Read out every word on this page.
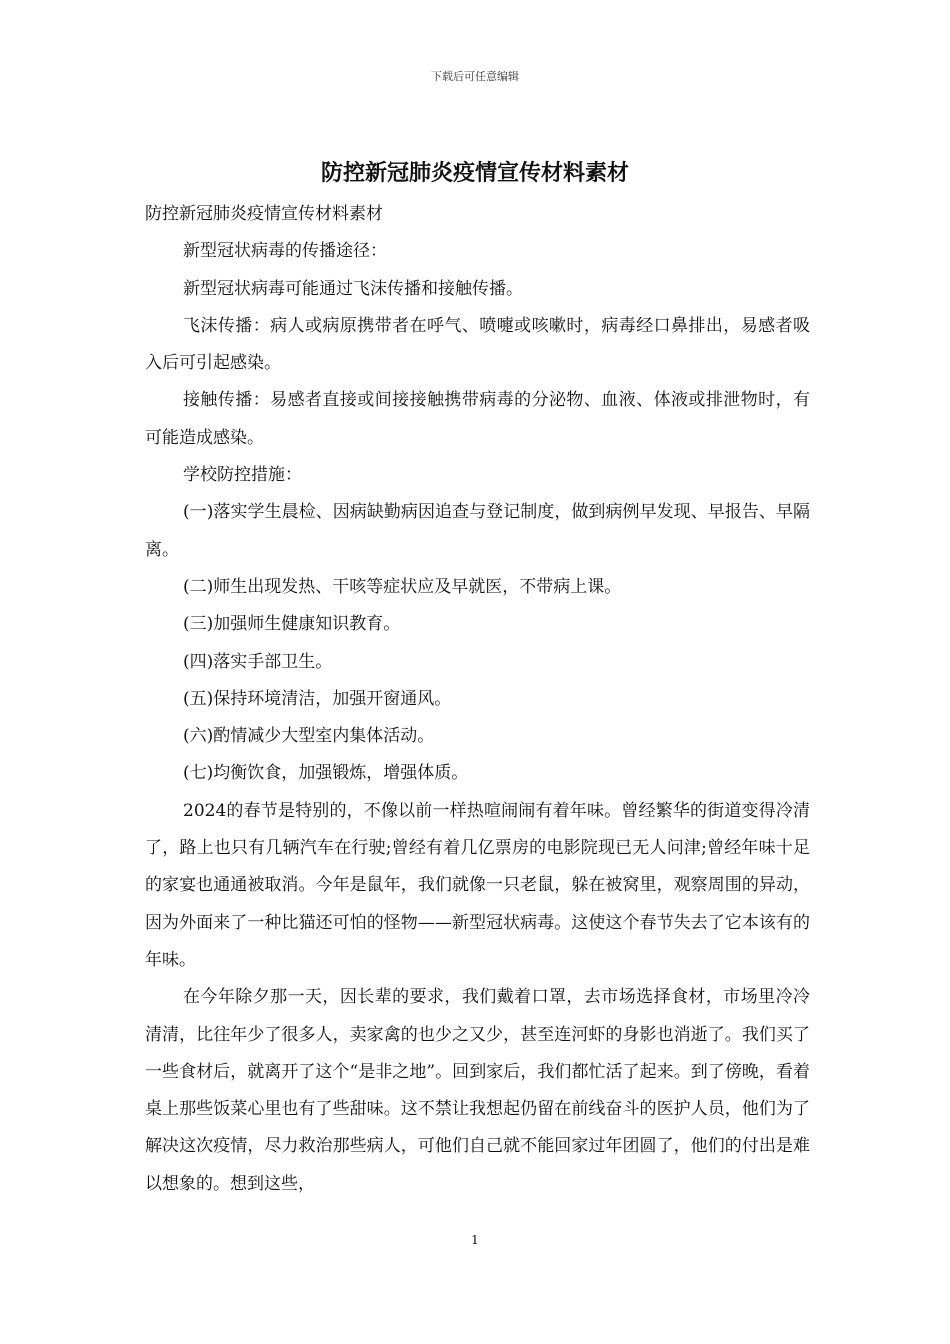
下载后可任意编辑
防控新冠肺炎疫情宣传材料素材

防控新冠肺炎疫情宣传材料素材

新型冠状病毒的传播途径：

新型冠状病毒可能通过飞沫传播和接触传播。

飞沫传播：病人或病原携带者在呼气、喷嚏或咳嗽时，病毒经口鼻排出，易感者吸入后可引起感染。

接触传播：易感者直接或间接接触携带病毒的分泌物、血液、体液或排泄物时，有可能造成感染。

学校防控措施：

(一)落实学生晨检、因病缺勤病因追查与登记制度，做到病例早发现、早报告、早隔离。

(二)师生出现发热、干咳等症状应及早就医，不带病上课。

(三)加强师生健康知识教育。

(四)落实手部卫生。

(五)保持环境清洁，加强开窗通风。

(六)酌情减少大型室内集体活动。

(七)均衡饮食，加强锻炼，增强体质。

2024的春节是特别的，不像以前一样热喧闹闹有着年味。曾经繁华的街道变得冷清了，路上也只有几辆汽车在行驶;曾经有着几亿票房的电影院现已无人问津;曾经年味十足的家宴也通通被取消。今年是鼠年，我们就像一只老鼠，躲在被窝里，观察周围的异动，因为外面来了一种比猫还可怕的怪物——新型冠状病毒。这使这个春节失去了它本该有的年味。

在今年除夕那一天，因长辈的要求，我们戴着口罩，去市场选择食材，市场里冷冷清清，比往年少了很多人，卖家禽的也少之又少，甚至连河虾的身影也消逝了。我们买了一些食材后，就离开了这个“是非之地”。回到家后，我们都忙活了起来。到了傍晚，看着桌上那些饭菜心里也有了些甜味。这不禁让我想起仍留在前线奋斗的医护人员，他们为了解决这次疫情，尽力救治那些病人，可他们自己就不能回家过年团圆了，他们的付出是难以想象的。想到这些，

1
